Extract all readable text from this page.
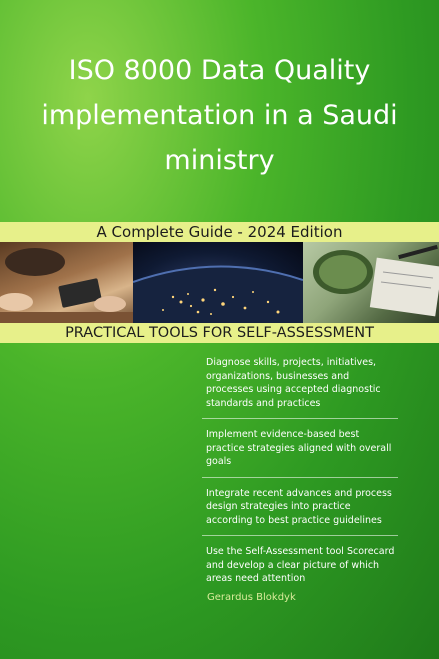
ISO 8000 Data Quality
implementation in a Saudi
ministry
A Complete Guide - 2024 Edition
PRACTICAL TOOLS FOR SELF-ASSESSMENT
Diagnose skills, projects, initiatives, organizations, businesses and processes using accepted diagnostic standards and practices
Implement evidence-based best practice strategies aligned with overall goals
Integrate recent advances and process design strategies into practice according to best practice guidelines
Use the Self-Assessment tool Scorecard and develop a clear picture of which areas need attention
Gerardus Blokdyk
